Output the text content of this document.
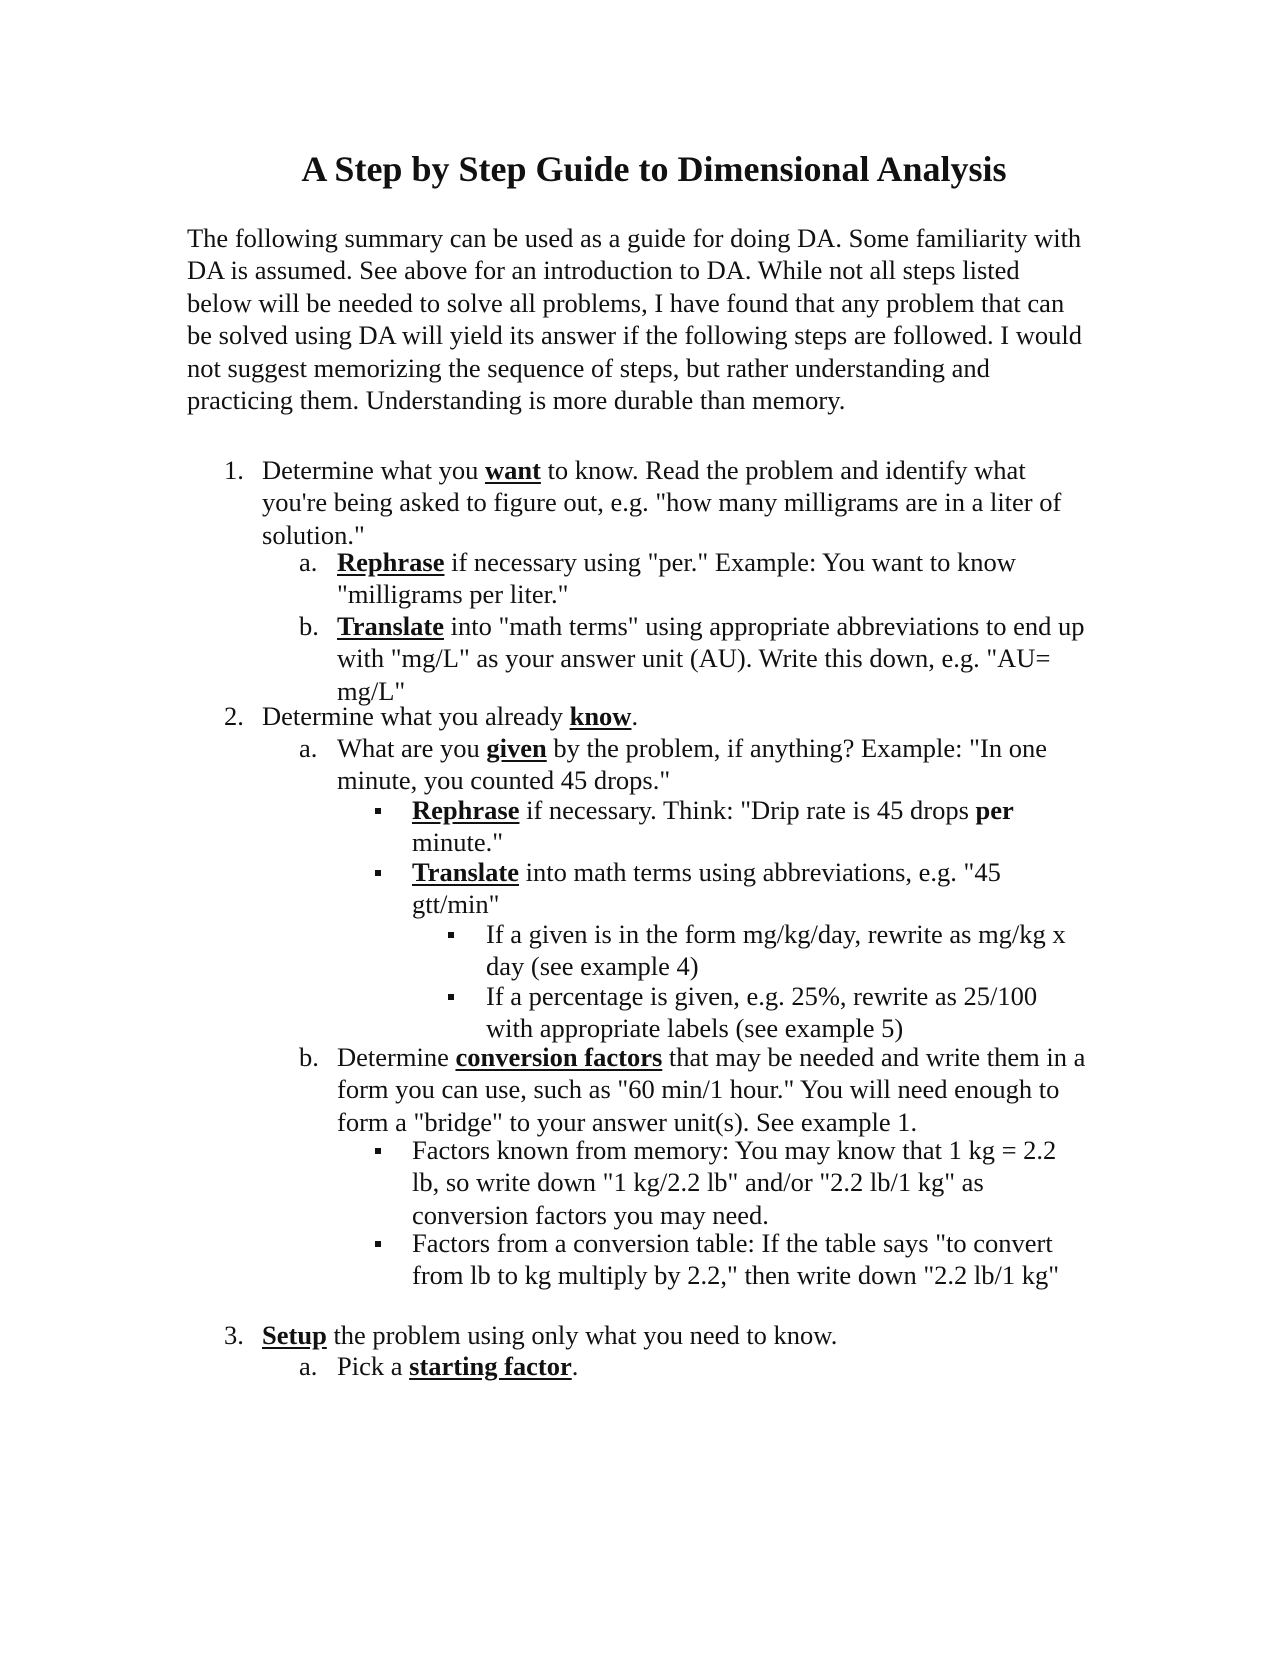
A Step by Step Guide to Dimensional Analysis

The following summary can be used as a guide for doing DA. Some familiarity with DA is assumed. See above for an introduction to DA. While not all steps listed below will be needed to solve all problems, I have found that any problem that can be solved using DA will yield its answer if the following steps are followed. I would not suggest memorizing the sequence of steps, but rather understanding and practicing them. Understanding is more durable than memory.

1. Determine what you want to know. Read the problem and identify what you're being asked to figure out, e.g. "how many milligrams are in a liter of solution."
a. Rephrase if necessary using "per." Example: You want to know "milligrams per liter."
b. Translate into "math terms" using appropriate abbreviations to end up with "mg/L" as your answer unit (AU). Write this down, e.g. "AU= mg/L"
2. Determine what you already know.
a. What are you given by the problem, if anything? Example: "In one minute, you counted 45 drops."
Rephrase if necessary. Think: "Drip rate is 45 drops per minute."
Translate into math terms using abbreviations, e.g. "45 gtt/min"
If a given is in the form mg/kg/day, rewrite as mg/kg x day (see example 4)
If a percentage is given, e.g. 25%, rewrite as 25/100 with appropriate labels (see example 5)
b. Determine conversion factors that may be needed and write them in a form you can use, such as "60 min/1 hour." You will need enough to form a "bridge" to your answer unit(s). See example 1.
Factors known from memory: You may know that 1 kg = 2.2 lb, so write down "1 kg/2.2 lb" and/or "2.2 lb/1 kg" as conversion factors you may need.
Factors from a conversion table: If the table says "to convert from lb to kg multiply by 2.2," then write down "2.2 lb/1 kg"
3. Setup the problem using only what you need to know.
a. Pick a starting factor.
